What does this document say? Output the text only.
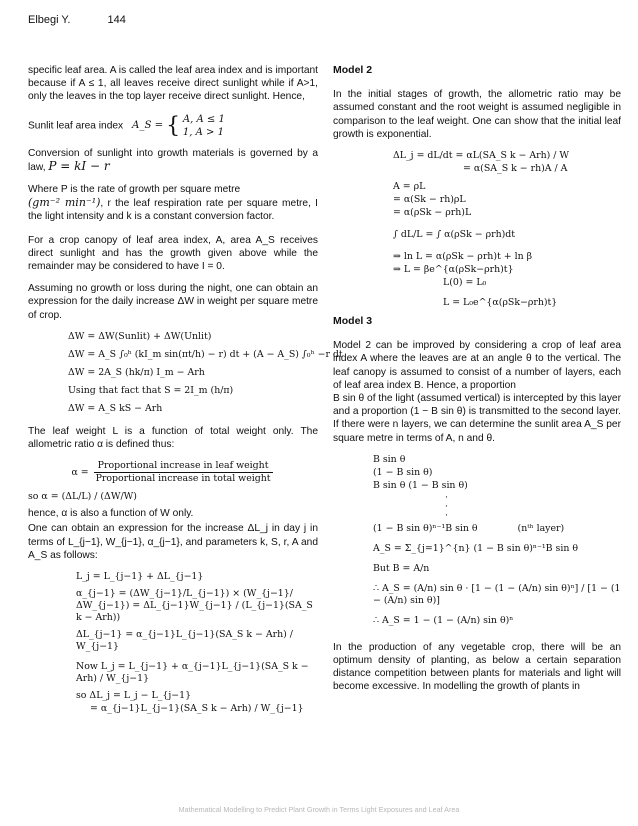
Elbegi Y.	144

specific leaf area. A is called the leaf area index and is important because if A ≤ 1, all leaves receive direct sunlight while if A>1, only the leaves in the top layer receive direct sunlight. Hence,

Sunlit leaf area index A_S = { A, A ≤ 1
1, A > 1

Conversion of sunlight into growth materials is governed by a law, P = kI − r

Where P is the rate of growth per square metre
(gm⁻² min⁻¹), r the leaf respiration rate per square metre, I the light intensity and k is a constant conversion factor.

For a crop canopy of leaf area index, A, area A_S receives direct sunlight and has the growth given above while the remainder may be considered to have I = 0.

Assuming no growth or loss during the night, one can obtain an expression for the daily increase ΔW in weight per square metre of crop.

ΔW = ΔW(Sunlit) + ΔW(Unlit)
ΔW = A_S ∫₀ʰ (kI_m sin(πt/h) − r) dt + (A − A_S) ∫₀ʰ −r dt
ΔW = 2A_S (hk/π) I_m − Arh
Using that fact that S = 2I_m (h/π)
ΔW = A_S kS − Arh

The leaf weight L is a function of total weight only. The allometric ratio α is defined thus:

$\alpha = \frac{\text{Proportional increase in leaf weight}}{\text{Proportional increase in total weight}}$
so α = (ΔL/L) / (ΔW/W)

hence, α is also a function of W only.

One can obtain an expression for the increase ΔL_j in day j in terms of L_{j−1}, W_{j−1}, α_{j−1}, and parameters k, S, r, A and A_S as follows:

L_j = L_{j−1} + ΔL_{j−1}
α_{j−1} = (ΔW_{j−1}/L_{j−1}) × (W_{j−1}/ΔW_{j−1}) = ΔL_{j−1}W_{j−1} / (L_{j−1}(SA_S k − Arh))
ΔL_{j−1} = α_{j−1}L_{j−1}(SA_S k − Arh) / W_{j−1}
Now L_j = L_{j−1} + α_{j−1}L_{j−1}(SA_S k − Arh) / W_{j−1}
so ΔL_j = L_j − L_{j−1}
= α_{j−1}L_{j−1}(SA_S k − Arh) / W_{j−1}
Model 2

In the initial stages of growth, the allometric ratio may be assumed constant and the root weight is assumed negligible in comparison to the leaf weight. One can show that the initial leaf growth is exponential.

ΔL_j = dL/dt = αL(SA_S k − Arh) / W
= α(SA_S k − rh)A / A
A = ρL
= α(Sk − rh)ρL
= α(ρSk − ρrh)L
∫ dL/L = ∫ α(ρSk − ρrh)dt
⇒ ln L = α(ρSk − ρrh)t + ln β
⇒ L = βe^{α(ρSk−ρrh)t}
L(0) = L₀
L = L₀e^{α(ρSk−ρrh)t}
Model 3

Model 2 can be improved by considering a crop of leaf area index A where the leaves are at an angle θ to the vertical. The leaf canopy is assumed to consist of a number of layers, each of leaf area index B. Hence, a proportion

B sin θ of the light (assumed vertical) is intercepted by this layer and a proportion (1 − B sin θ) is transmitted to the second layer. If there were n layers, we can determine the sunlit area A_S per square metre in terms of A, n and θ.

B sin θ
(1 − B sin θ)
B sin θ (1 − B sin θ)
·
·
·
(1 − B sin θ)ⁿ⁻¹B sin θ	(nᵗʰ layer)
A_S = Σ_{j=1}^{n} (1 − B sin θ)ⁿ⁻¹B sin θ
But B = A/n
∴ A_S = (A/n) sin θ · [1 − (1 − (A/n) sin θ)ⁿ] / [1 − (1 − (A/n) sin θ)]
∴ A_S = 1 − (1 − (A/n) sin θ)ⁿ

In the production of any vegetable crop, there will be an optimum density of planting, as below a certain separation distance competition between plants for materials and light will become excessive. In modelling the growth of plants in

Mathematical Modelling to Predict Plant Growth in Terms Light Exposures and Leaf Area
